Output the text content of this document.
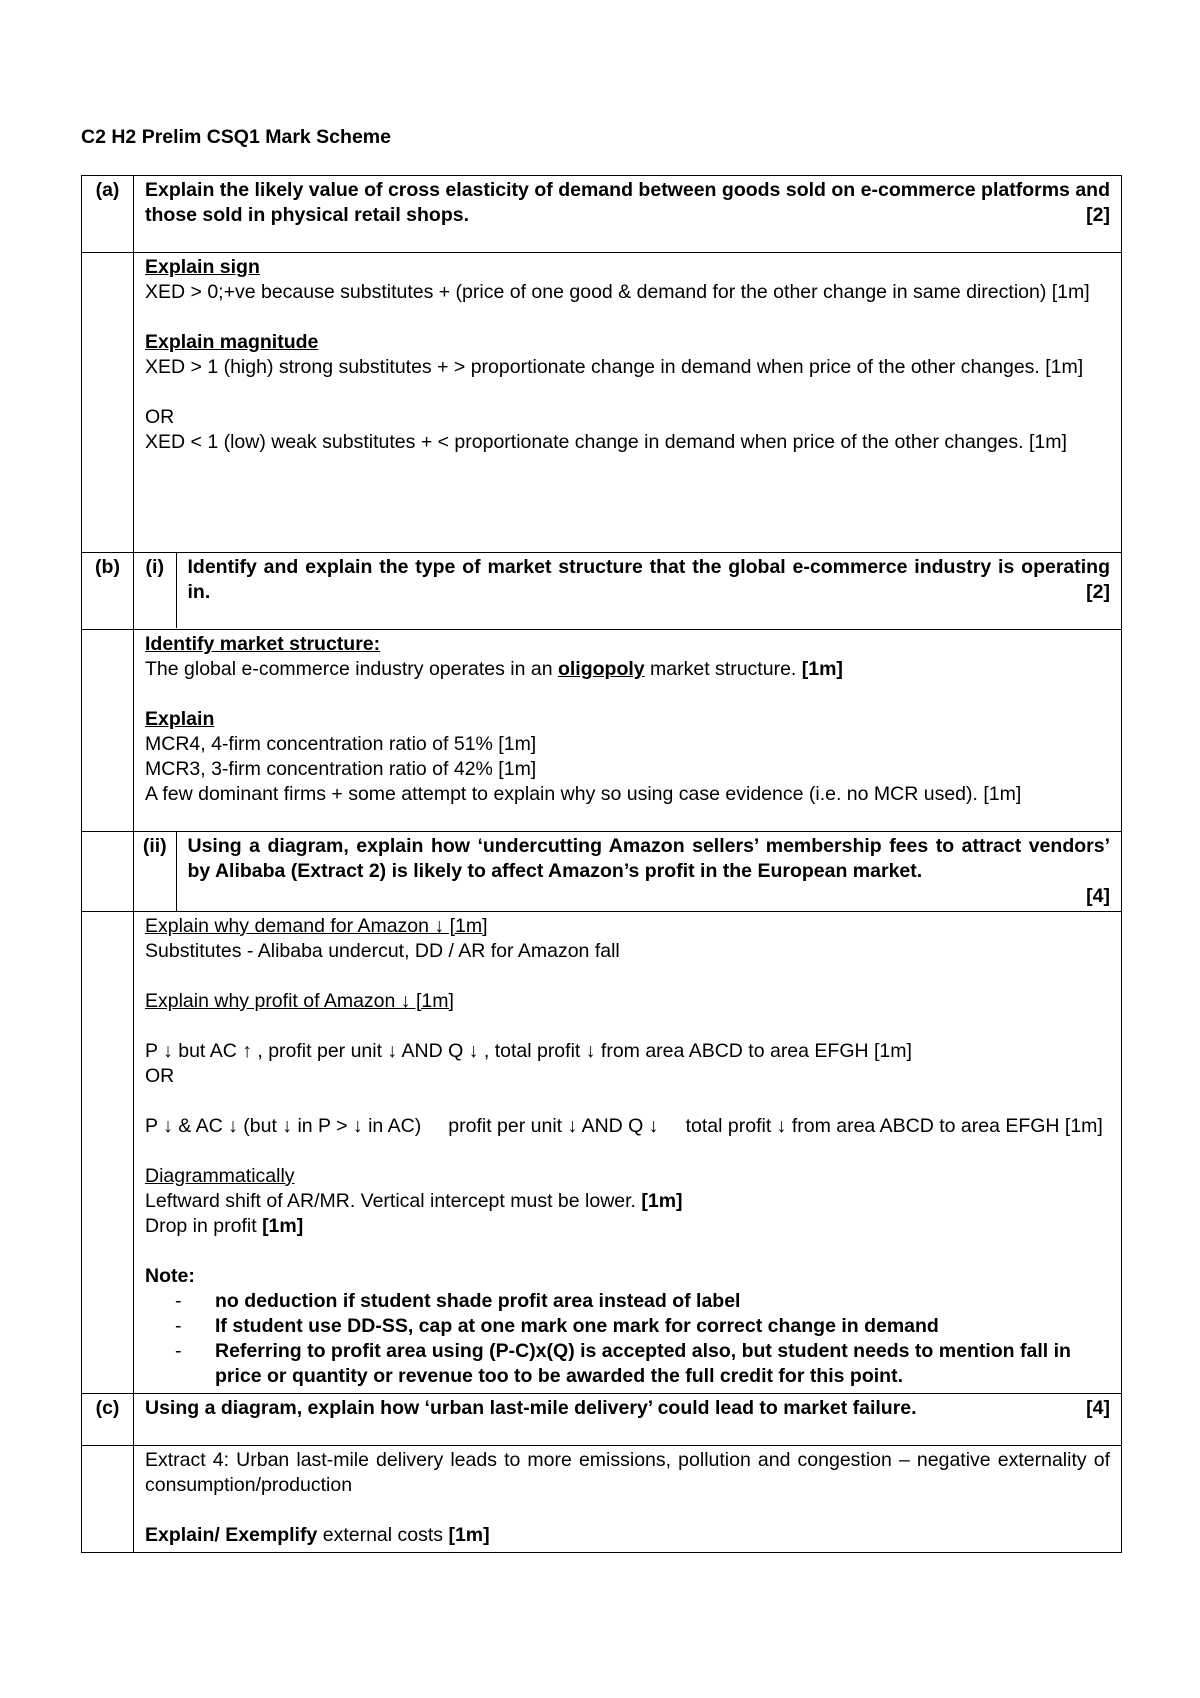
C2 H2 Prelim CSQ1 Mark Scheme
(a)	Explain the likely value of cross elasticity of demand between goods sold on e-commerce platforms and those sold in physical retail shops.	[2]

Explain sign
XED > 0;+ve because substitutes + (price of one good & demand for the other change in same direction) [1m]
Explain magnitude
XED > 1 (high) strong substitutes + > proportionate change in demand when price of the other changes. [1m]
OR
XED < 1 (low) weak substitutes + < proportionate change in demand when price of the other changes. [1m]

(b)	(i)	Identify and explain the type of market structure that the global e-commerce industry is operating in.	[2]

Identify market structure:
The global e-commerce industry operates in an oligopoly market structure. [1m]
Explain
MCR4, 4-firm concentration ratio of 51% [1m]
MCR3, 3-firm concentration ratio of 42% [1m]
A few dominant firms + some attempt to explain why so using case evidence (i.e. no MCR used). [1m]

(ii)	Using a diagram, explain how ‘undercutting Amazon sellers’ membership fees to attract vendors’ by Alibaba (Extract 2) is likely to affect Amazon’s profit in the European market.
[4]

Explain why demand for Amazon ↓ [1m]
Substitutes - Alibaba undercut, DD / AR for Amazon fall
Explain why profit of Amazon ↓ [1m]
P ↓ but AC ↑ , profit per unit ↓ AND Q ↓ , total profit ↓ from area ABCD to area EFGH [1m]
OR
P ↓ & AC ↓ (but ↓ in P > ↓ in AC)     profit per unit ↓ AND Q ↓     total profit ↓ from area ABCD to area EFGH [1m]
Diagrammatically
Leftward shift of AR/MR. Vertical intercept must be lower. [1m]
Drop in profit [1m]
Note:
- no deduction if student shade profit area instead of label
- If student use DD-SS, cap at one mark one mark for correct change in demand
- Referring to profit area using (P-C)x(Q) is accepted also, but student needs to mention fall in price or quantity or revenue too to be awarded the full credit for this point.

(c)	Using a diagram, explain how ‘urban last-mile delivery’ could lead to market failure.	[4]

Extract 4: Urban last-mile delivery leads to more emissions, pollution and congestion – negative externality of consumption/production
Explain/ Exemplify external costs [1m]
